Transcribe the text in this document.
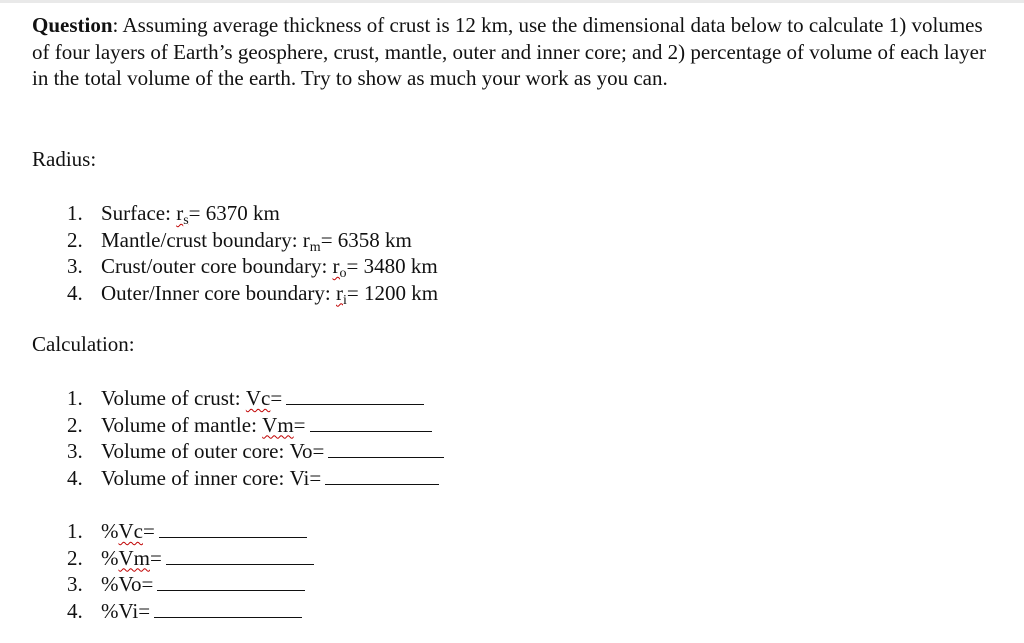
Question: Assuming average thickness of crust is 12 km, use the dimensional data below to calculate 1) volumes of four layers of Earth’s geosphere, crust, mantle, outer and inner core; and 2) percentage of volume of each layer in the total volume of the earth. Try to show as much your work as you can.

Radius:

1. Surface:
$r_s = 6370$ km
2. Mantle/crust boundary:
$r_m = 6358$ km
3. Crust/outer core boundary:
$r_o = 3480$ km
4. Outer/Inner core boundary:
$r_i = 1200$ km

Calculation:

1. Volume of crust:
Vc =
2. Volume of mantle:
Vm =
3. Volume of outer core:
Vo =
4. Volume of inner core:
Vi =
1. % Vc =
2. % Vm =
3. % Vo =
4. % Vi =
